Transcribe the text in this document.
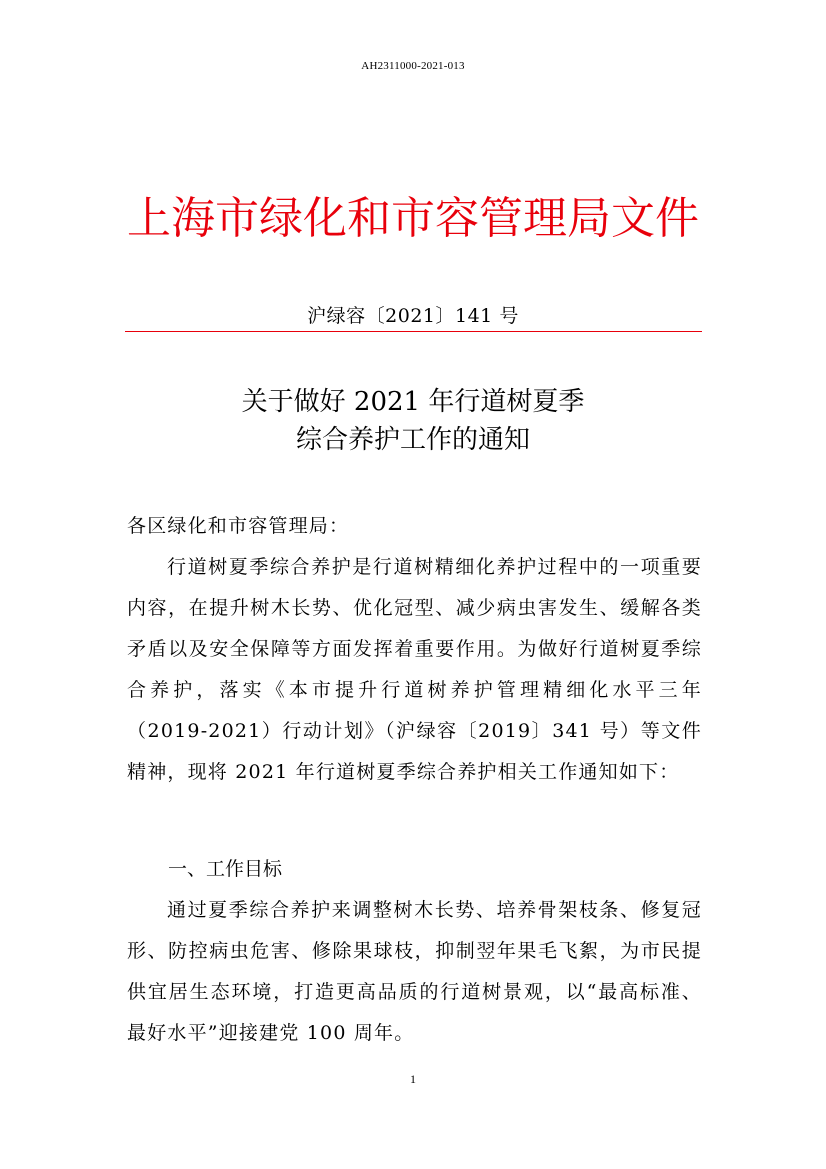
AH2311000-2021-013
上海市绿化和市容管理局文件
沪绿容〔2021〕141 号
关于做好 2021 年行道树夏季
综合养护工作的通知
各区绿化和市容管理局：
行道树夏季综合养护是行道树精细化养护过程中的一项重要内容，在提升树木长势、优化冠型、减少病虫害发生、缓解各类矛盾以及安全保障等方面发挥着重要作用。为做好行道树夏季综合养护，落实《本市提升行道树养护管理精细化水平三年（2019-2021）行动计划》（沪绿容〔2019〕341 号）等文件精神，现将 2021 年行道树夏季综合养护相关工作通知如下：
一、工作目标
通过夏季综合养护来调整树木长势、培养骨架枝条、修复冠形、防控病虫危害、修除果球枝，抑制翌年果毛飞絮，为市民提供宜居生态环境，打造更高品质的行道树景观，以“最高标准、最好水平”迎接建党 100 周年。
1
